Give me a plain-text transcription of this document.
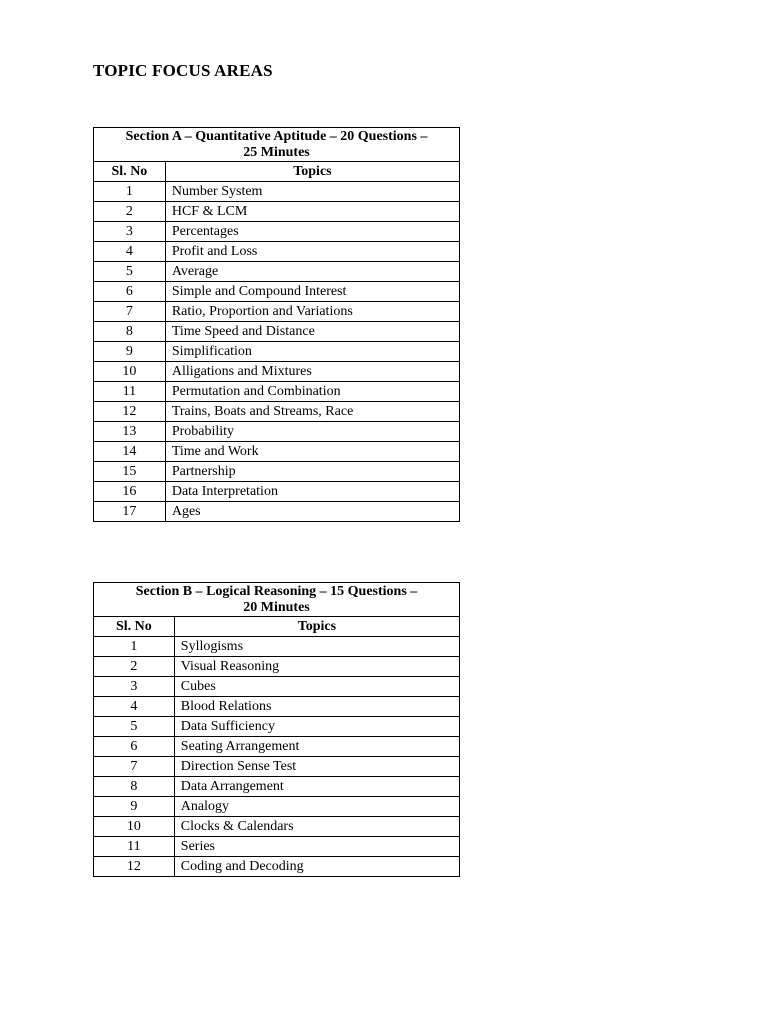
TOPIC FOCUS AREAS
Section A – Quantitative Aptitude – 20 Questions –
25 Minutes	
Sl. No	Topics
1	Number System
2	HCF & LCM
3	Percentages
4	Profit and Loss
5	Average
6	Simple and Compound Interest
7	Ratio, Proportion and Variations
8	Time Speed and Distance
9	Simplification
10	Alligations and Mixtures
11	Permutation and Combination
12	Trains, Boats and Streams, Race
13	Probability
14	Time and Work
15	Partnership
16	Data Interpretation
17	Ages
Section B – Logical Reasoning – 15 Questions –
20 Minutes	
Sl. No	Topics
1	Syllogisms
2	Visual Reasoning
3	Cubes
4	Blood Relations
5	Data Sufficiency
6	Seating Arrangement
7	Direction Sense Test
8	Data Arrangement
9	Analogy
10	Clocks & Calendars
11	Series
12	Coding and Decoding
